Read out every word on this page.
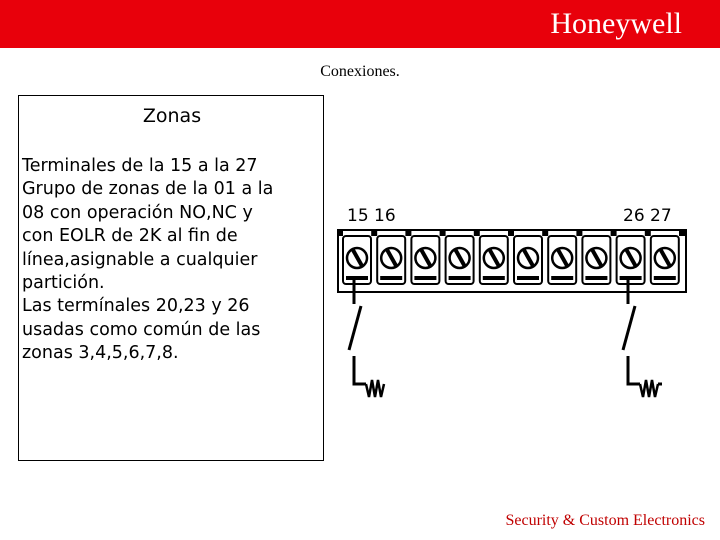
Honeywell
Conexiones.
Zonas
Terminales de la 15 a la 27
Grupo de zonas de la 01 a la
08 con operación NO,NC y
con EOLR de 2K al fin de
línea,asignable a cualquier
partición.
Las termínales 20,23 y 26
usadas como común de las
zonas 3,4,5,6,7,8.
15 16	26 27
Security & Custom Electronics
